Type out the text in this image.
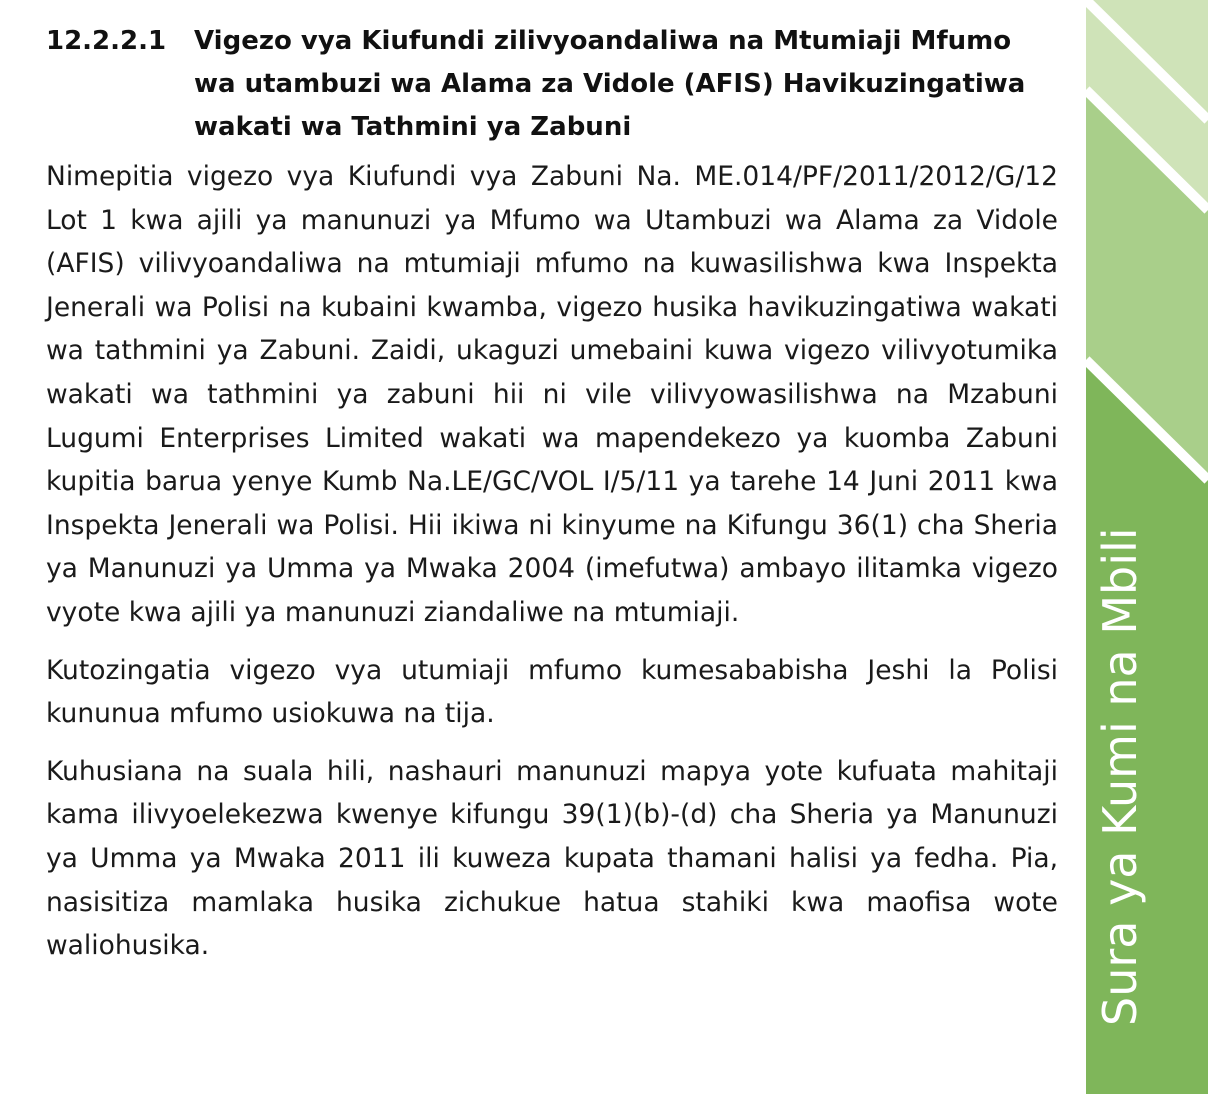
12.2.2.1	Vigezo vya Kiufundi zilivyoandaliwa na Mtumiaji Mfumo wa utambuzi wa Alama za Vidole (AFIS) Havikuzingatiwa wakati wa Tathmini ya Zabuni

Nimepitia vigezo vya Kiufundi vya Zabuni Na. ME.014/PF/2011/2012/G/12 Lot 1 kwa ajili ya manunuzi ya Mfumo wa Utambuzi wa Alama za Vidole (AFIS) vilivyoandaliwa na mtumiaji mfumo na kuwasilishwa kwa Inspekta Jenerali wa Polisi na kubaini kwamba, vigezo husika havikuzingatiwa wakati wa tathmini ya Zabuni. Zaidi, ukaguzi umebaini kuwa vigezo vilivyotumika wakati wa tathmini ya zabuni hii ni vile vilivyowasilishwa na Mzabuni Lugumi Enterprises Limited wakati wa mapendekezo ya kuomba Zabuni kupitia barua yenye Kumb Na.LE/GC/VOL I/5/11 ya tarehe 14 Juni 2011 kwa Inspekta Jenerali wa Polisi. Hii ikiwa ni kinyume na Kifungu 36(1) cha Sheria ya Manunuzi ya Umma ya Mwaka 2004 (imefutwa) ambayo ilitamka vigezo vyote kwa ajili ya manunuzi ziandaliwe na mtumiaji.

Kutozingatia vigezo vya utumiaji mfumo kumesababisha Jeshi la Polisi kununua mfumo usiokuwa na tija.

Kuhusiana na suala hili, nashauri manunuzi mapya yote kufuata mahitaji kama ilivyoelekezwa kwenye kifungu 39(1)(b)-(d) cha Sheria ya Manunuzi ya Umma ya Mwaka 2011 ili kuweza kupata thamani halisi ya fedha. Pia, nasisitiza mamlaka husika zichukue hatua stahiki kwa maofisa wote waliohusika.	Sura ya Kumi na Mbili
